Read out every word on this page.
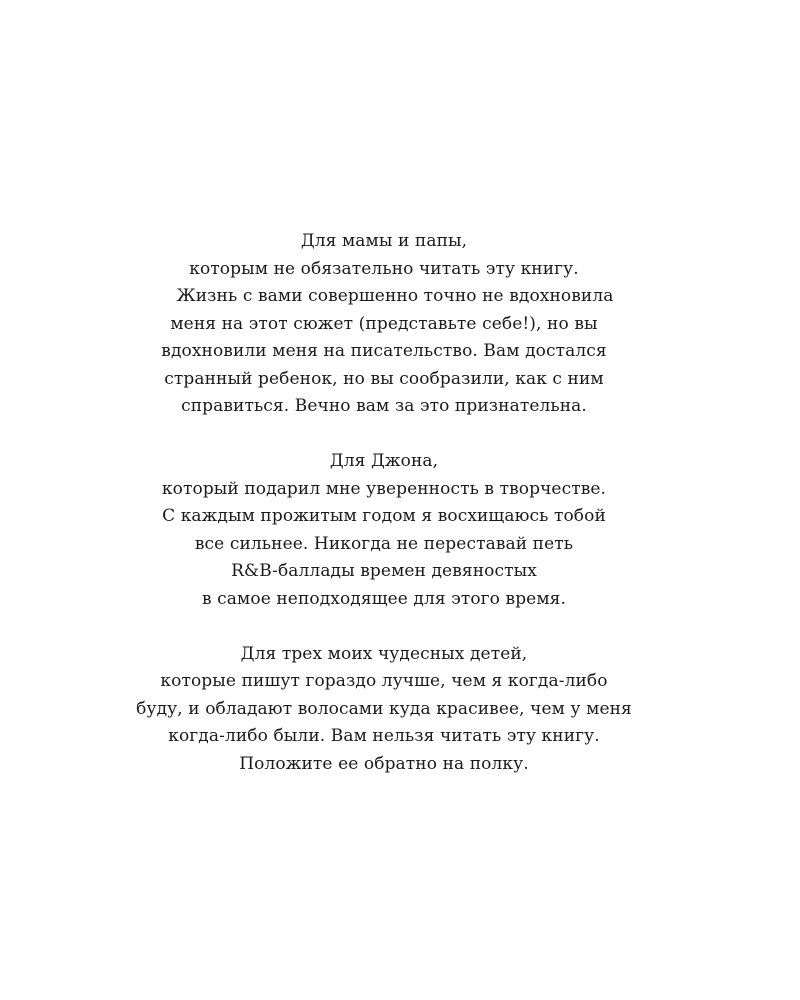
Для мамы и папы,
которым не обязательно читать эту книгу.
Жизнь с вами совершенно точно не вдохновила
меня на этот сюжет (представьте себе!), но вы
вдохновили меня на писательство. Вам достался
странный ребенок, но вы сообразили, как с ним
справиться. Вечно вам за это признательна.

Для Джона,
который подарил мне уверенность в творчестве.
С каждым прожитым годом я восхищаюсь тобой
все сильнее. Никогда не переставай петь
R&B-баллады времен девяностых
в самое неподходящее для этого время.

Для трех моих чудесных детей,
которые пишут гораздо лучше, чем я когда-либо
буду, и обладают волосами куда красивее, чем у меня
когда-либо были. Вам нельзя читать эту книгу.
Положите ее обратно на полку.
